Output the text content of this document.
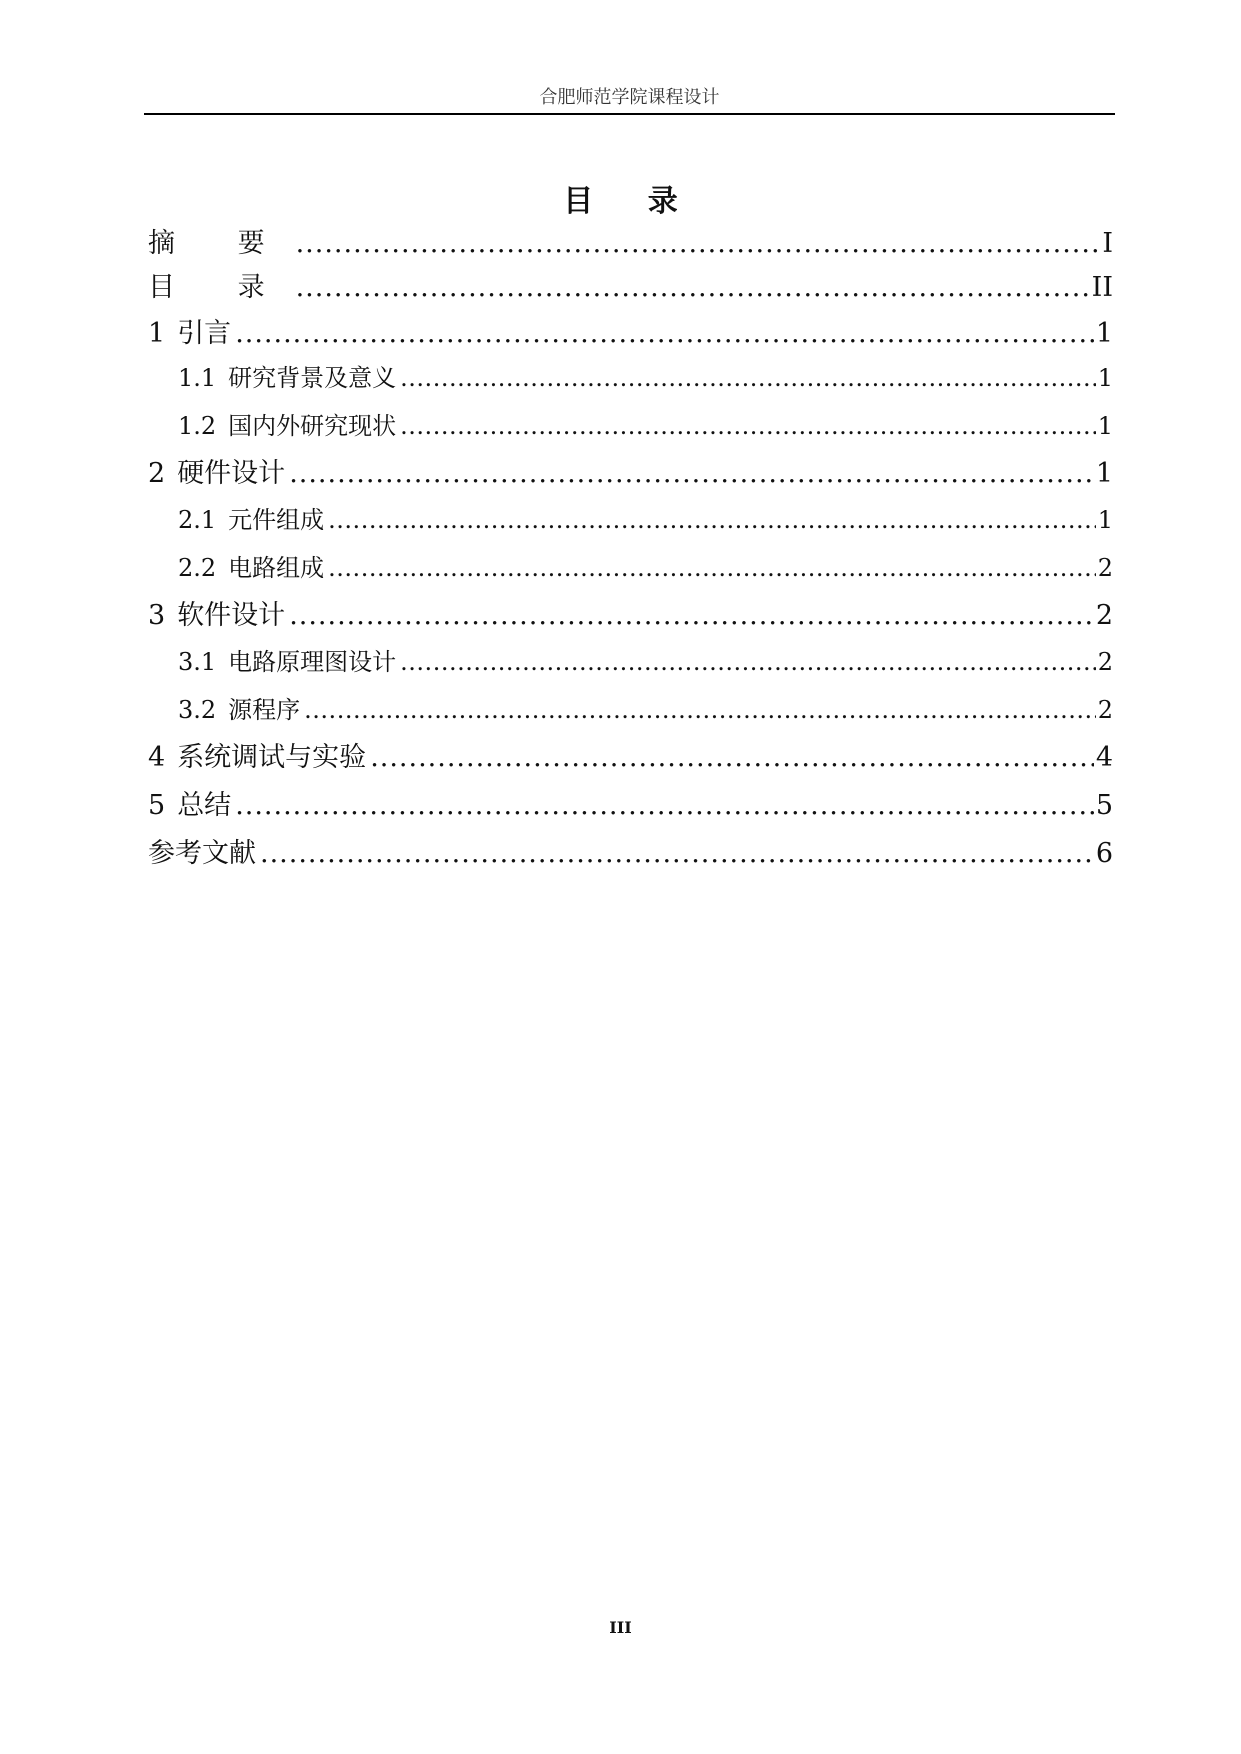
合肥师范学院课程设计
目 录
摘 要 .....	I
目 录 .....	II
1 引言 .....	1
1.1 研究背景及意义 .....	1
1.2 国内外研究现状 .....	1
2 硬件设计 .....	1
2.1 元件组成 .....	1
2.2 电路组成 .....	2
3 软件设计 .....	2
3.1 电路原理图设计 .....	2
3.2 源程序 .....	2
4 系统调试与实验 .....	4
5 总结 .....	5
参考文献 .....	6
III
